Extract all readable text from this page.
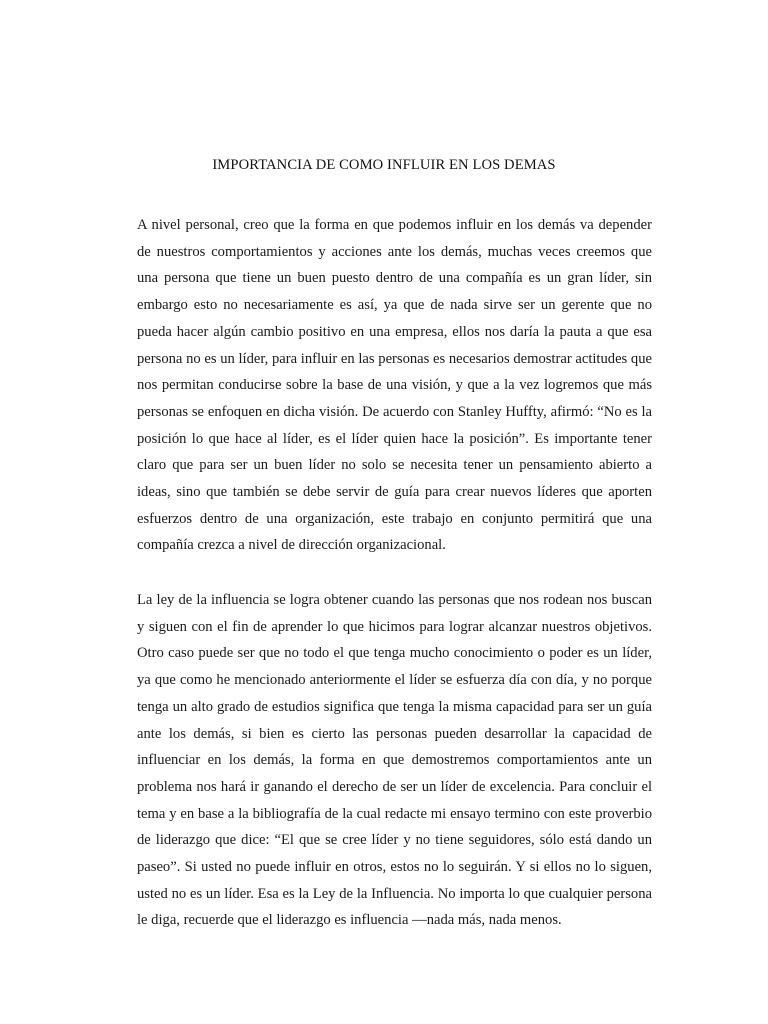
IMPORTANCIA DE COMO INFLUIR EN LOS DEMAS

A nivel personal, creo que la forma en que podemos influir en los demás va depender de nuestros comportamientos y acciones ante los demás, muchas veces creemos que una persona que tiene un buen puesto dentro de una compañía es un gran líder, sin embargo esto no necesariamente es así, ya que de nada sirve ser un gerente que no pueda hacer algún cambio positivo en una empresa, ellos nos daría la pauta a que esa persona no es un líder, para influir en las personas es necesarios demostrar actitudes que nos permitan conducirse sobre la base de una visión, y que a la vez logremos que más personas se enfoquen en dicha visión. De acuerdo con Stanley Huffty, afirmó: “No es la posición lo que hace al líder, es el líder quien hace la posición”. Es importante tener claro que para ser un buen líder no solo se necesita tener un pensamiento abierto a ideas, sino que también se debe servir de guía para crear nuevos líderes que aporten esfuerzos dentro de una organización, este trabajo en conjunto permitirá que una compañía crezca a nivel de dirección organizacional.

La ley de la influencia se logra obtener cuando las personas que nos rodean nos buscan y siguen con el fin de aprender lo que hicimos para lograr alcanzar nuestros objetivos. Otro caso puede ser que no todo el que tenga mucho conocimiento o poder es un líder, ya que como he mencionado anteriormente el líder se esfuerza día con día, y no porque tenga un alto grado de estudios significa que tenga la misma capacidad para ser un guía ante los demás, si bien es cierto las personas pueden desarrollar la capacidad de influenciar en los demás, la forma en que demostremos comportamientos ante un problema nos hará ir ganando el derecho de ser un líder de excelencia. Para concluir el tema y en base a la bibliografía de la cual redacte mi ensayo termino con este proverbio de liderazgo que dice: “El que se cree líder y no tiene seguidores, sólo está dando un paseo”. Si usted no puede influir en otros, estos no lo seguirán. Y si ellos no lo siguen, usted no es un líder. Esa es la Ley de la Influencia. No importa lo que cualquier persona le diga, recuerde que el liderazgo es influencia —nada más, nada menos.
